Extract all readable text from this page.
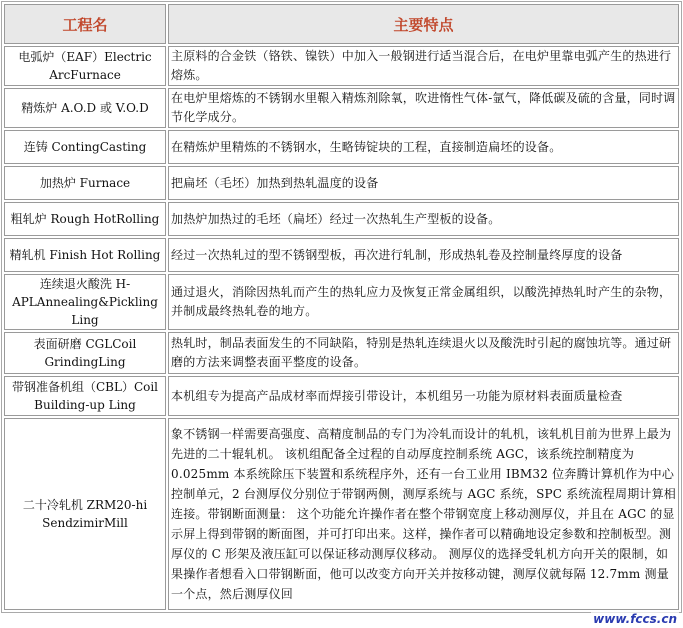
工程名	主要特点
电弧炉（EAF）Electric ArcFurnace	主原料的合金铁（铬铁、镍铁）中加入一般钢进行适当混合后，在电炉里靠电弧产生的热进行熔炼。
精炼炉 A.O.D 或 V.O.D	在电炉里熔炼的不锈钢水里鞎入精炼剂除氧，吹进惰性气体-氩气，降低碳及硫的含量，同时调节化学成分。
连铸 ContingCasting	在精炼炉里精炼的不锈钢水，生略铸锭块的工程，直接制造扁坯的设备。
加热炉 Furnace	把扁坯（毛坯）加热到热轧温度的设备
粗轧炉 Rough HotRolling	加热炉加热过的毛坯（扁坯）经过一次热轧生产型板的设备。
精轧机 Finish Hot Rolling	经过一次热轧过的型不锈钢型板，再次进行轧制，形成热轧卷及控制量终厚度的设备
连续退火酸洗 H-APLAnnealing&Pickling Ling	通过退火，消除因热轧而产生的热轧应力及恢复正常金属组织，以酸洗掉热轧时产生的杂物，并制成最终热轧卷的地方。
表面研磨 CGLCoil GrindingLing	热轧时，制品表面发生的不同缺陷，特别是热轧连续退火以及酸洗时引起的腐蚀坑等。通过研磨的方法来调整表面平整度的设备。
带钢准备机组（CBL）Coil Building-up Ling	本机组专为提高产品成材率而焊接引带设计，本机组另一功能为原材料表面质量检查
二十冷轧机 ZRM20-hi SendzimirMill	象不锈钢一样需要高强度、高精度制品的专门为冷轧而设计的轧机，该轧机目前为世界上最为先进的二十辊轧机。 该机组配备全过程的自动厚度控制系统 AGC，该系统控制精度为 0.025mm 本系统除压下装置和系统程序外，还有一台工业用 IBM32 位奔腾计算机作为中心控制单元，2 台测厚仪分别位于带钢两侧，测厚系统与 AGC 系统，SPC 系统流程周期计算相连接。带钢断面测量： 这个功能允许操作者在整个带钢宽度上移动测厚仪，并且在 AGC 的显示屏上得到带钢的断面图，并可打印出来。这样，操作者可以精确地设定参数和控制板型。测厚仪的 C 形架及液压缸可以保证移动测厚仪移动。 测厚仪的选择受轧机方向开关的限制，如果操作者想看入口带钢断面，他可以改变方向开关并按移动键，测厚仪就每隔 12.7mm 测量一个点，然后测厚仪回
www.fccs.cn
